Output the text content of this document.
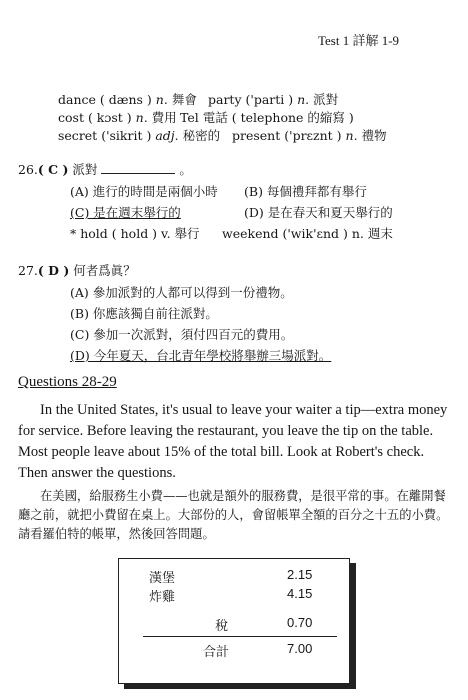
Test 1 詳解 1-9
dance ( dæns ) n. 舞會 party ('parti ) n. 派對
cost ( kɔst ) n. 費用 Tel 電話 ( telephone 的縮寫 )
secret ('sikrit ) adj. 秘密的 present ('prɛznt ) n. 禮物
26.( C ) 派對	。
(A) 進行的時間是兩個小時 (B) 每個禮拜都有舉行
(C) 是在週末舉行的	(D) 是在春天和夏天舉行的
* hold ( hold ) v. 舉行 weekend ('wik'ɛnd ) n. 週末
27.( D ) 何者爲眞？
(A) 參加派對的人都可以得到一份禮物。
(B) 你應該獨自前往派對。
(C) 參加一次派對，須付四百元的費用。
(D) 今年夏天，台北青年學校將舉辦三場派對。
Questions 28-29
In the United States, it's usual to leave your waiter a tip—extra money for service. Before leaving the restaurant, you leave the tip on the table. Most people leave about 15% of the total bill. Look at Robert's check. Then answer the questions.
在美國，給服務生小費——也就是額外的服務費，是很平常的事。在離開餐廳之前，就把小費留在桌上。大部份的人，會留帳單全額的百分之十五的小費。請看羅伯特的帳單，然後回答問題。
漢堡	2.15
炸雞	4.15
稅	0.70
合計	7.00
